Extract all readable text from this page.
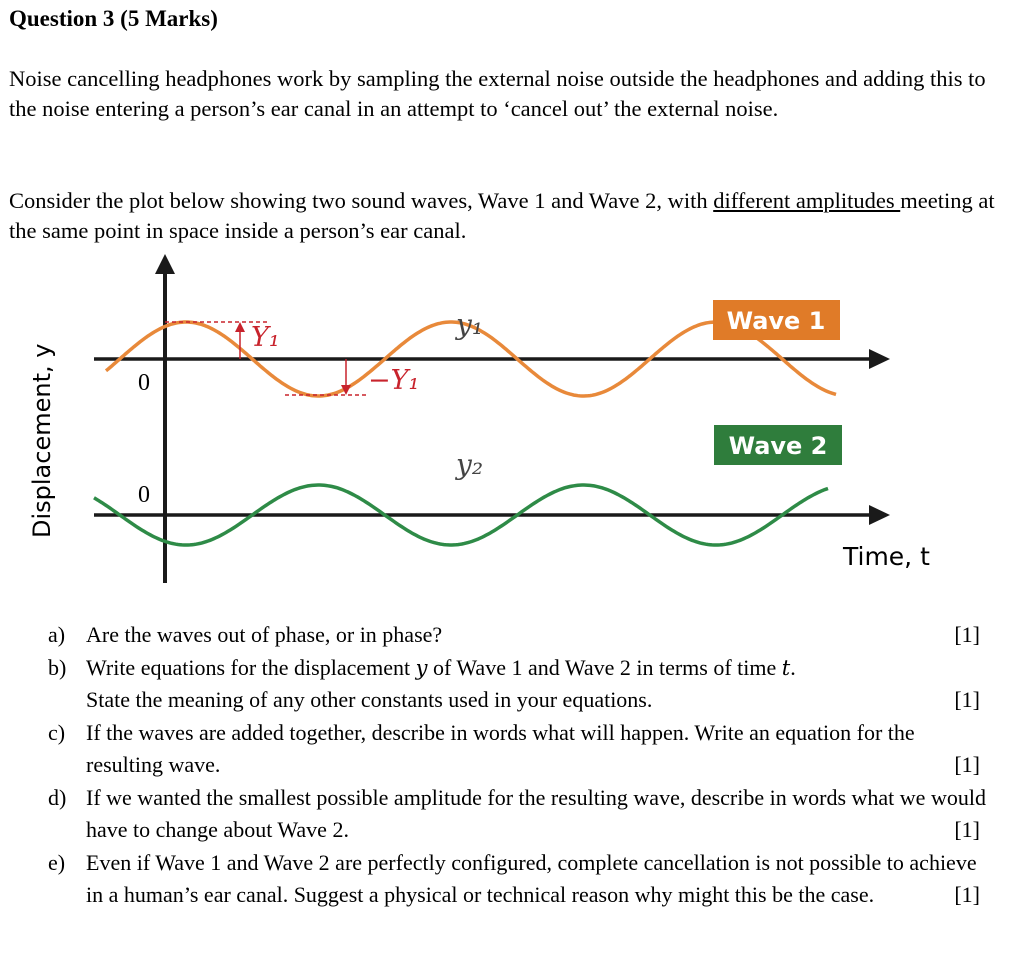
Question 3 (5 Marks)
Noise cancelling headphones work by sampling the external noise outside the headphones and adding this to the noise entering a person’s ear canal in an attempt to ‘cancel out’ the external noise.
Consider the plot below showing two sound waves, Wave 1 and Wave 2, with different amplitudes meeting at the same point in space inside a person’s ear canal.
0
0
Displacement, y
Time, t
Y₁
−Y₁
y₁
y₂
Wave 1
Wave 2
a) Are the waves out of phase, or in phase?	[1]
b) Write equations for the displacement y of Wave 1 and Wave 2 in terms of time t.
State the meaning of any other constants used in your equations.	[1]
c) If the waves are added together, describe in words what will happen. Write an equation for the resulting wave.	[1]
d) If we wanted the smallest possible amplitude for the resulting wave, describe in words what we would have to change about Wave 2.	[1]
e) Even if Wave 1 and Wave 2 are perfectly configured, complete cancellation is not possible to achieve in a human’s ear canal. Suggest a physical or technical reason why might this be the case.	[1]
